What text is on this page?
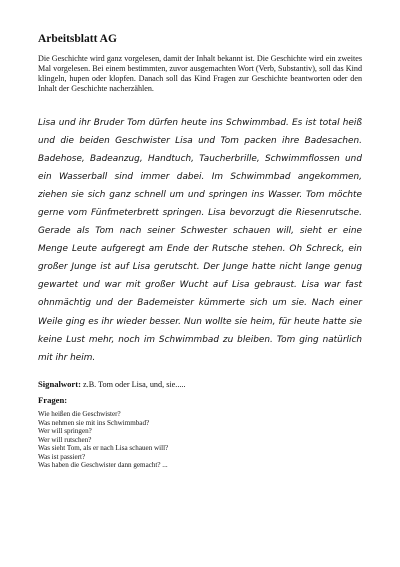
Arbeitsblatt AG

Die Geschichte wird ganz vorgelesen, damit der Inhalt bekannt ist. Die Geschichte wird ein zweites Mal vorgelesen. Bei einem bestimmten, zuvor ausgemachten Wort (Verb, Substantiv), soll das Kind klingeln, hupen oder klopfen. Danach soll das Kind Fragen zur Geschichte beantworten oder den Inhalt der Geschichte nacherzählen.

Lisa und ihr Bruder Tom dürfen heute ins Schwimmbad. Es ist total heiß und die beiden Geschwister Lisa und Tom packen ihre Badesachen. Badehose, Badeanzug, Handtuch, Taucherbrille, Schwimmflossen und ein Wasserball sind immer dabei. Im Schwimmbad angekommen, ziehen sie sich ganz schnell um und springen ins Wasser. Tom möchte gerne vom Fünfmeterbrett springen. Lisa bevorzugt die Riesenrutsche. Gerade als Tom nach seiner Schwester schauen will, sieht er eine Menge Leute aufgeregt am Ende der Rutsche stehen. Oh Schreck, ein großer Junge ist auf Lisa gerutscht. Der Junge hatte nicht lange genug gewartet und war mit großer Wucht auf Lisa gebraust. Lisa war fast ohnmächtig und der Bademeister kümmerte sich um sie. Nach einer Weile ging es ihr wieder besser. Nun wollte sie heim, für heute hatte sie keine Lust mehr, noch im Schwimmbad zu bleiben. Tom ging natürlich mit ihr heim.

Signalwort: z.B. Tom oder Lisa, und, sie.....

Fragen:
Wie heißen die Geschwister?
Was nehmen sie mit ins Schwimmbad?
Wer will springen?
Wer will rutschen?
Was sieht Tom, als er nach Lisa schauen will?
Was ist passiert?
Was haben die Geschwister dann gemacht? ...
